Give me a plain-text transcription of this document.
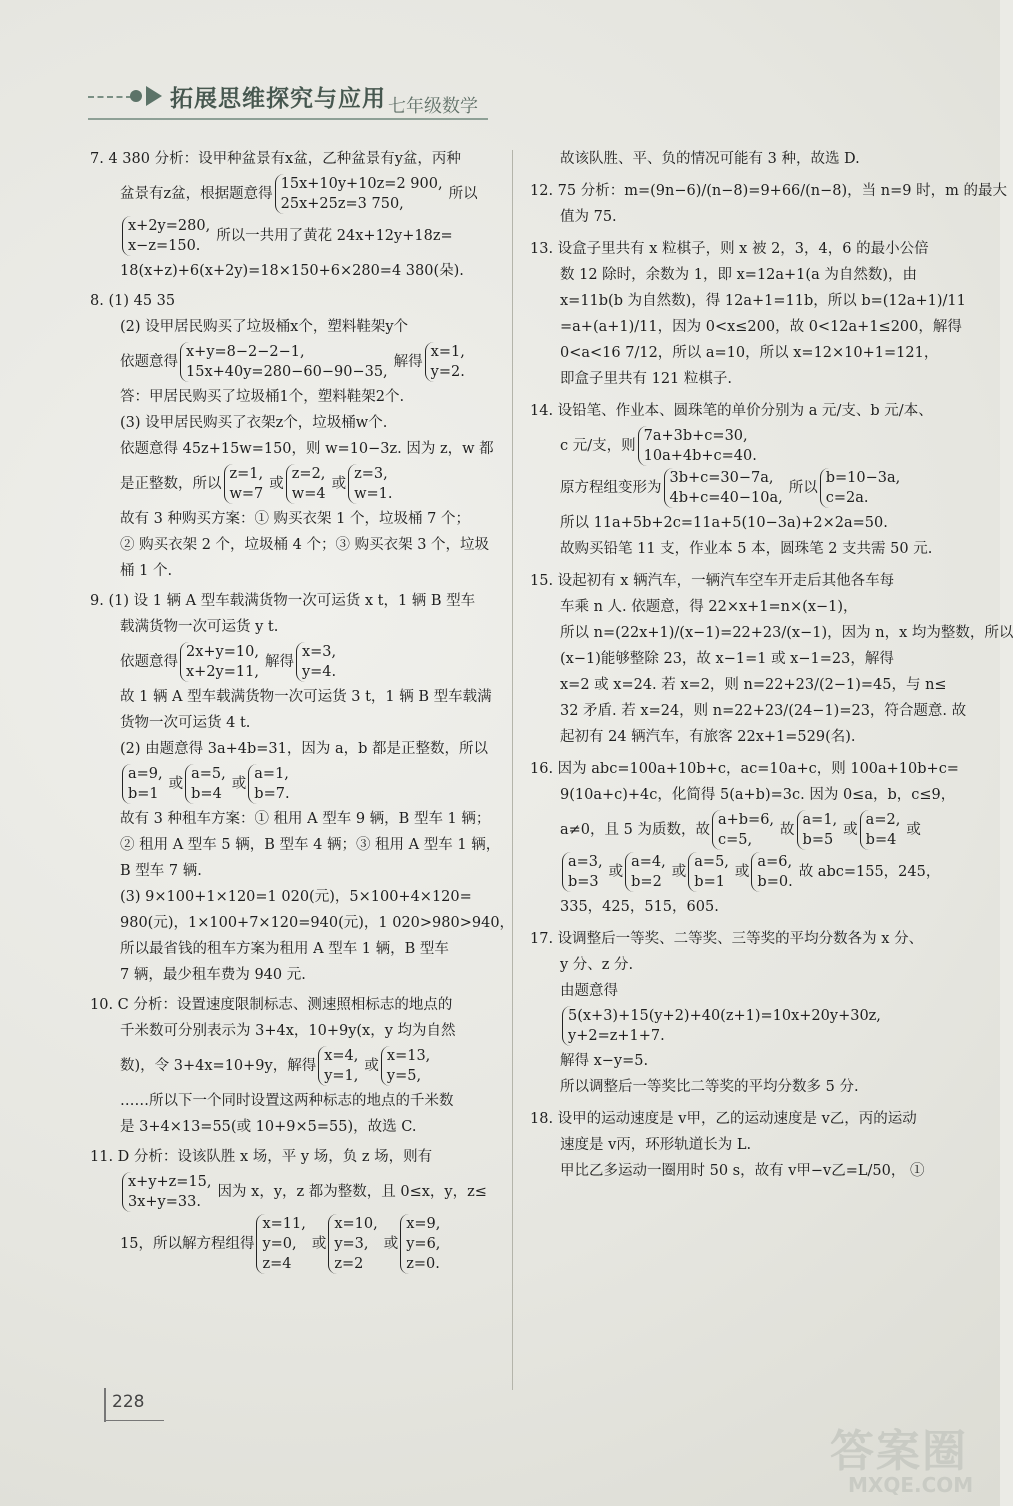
拓展思维探究与应用 七年级数学
7. 4 380 分析：设甲种盆景有x盆，乙种盆景有y盆，丙种
盆景有z盆，根据题意得
15x+10y+10z=2 900,
25x+25z=3 750,
所以
x+2y=280,
x−z=150.
所以一共用了黄花 24x+12y+18z=
18(x+z)+6(x+2y)=18×150+6×280=4 380(朵).
8. (1) 45 35
(2) 设甲居民购买了垃圾桶x个，塑料鞋架y个
依题意得
x+y=8−2−2−1,
15x+40y=280−60−90−35,
解得
x=1,
y=2.
答：甲居民购买了垃圾桶1个，塑料鞋架2个.
(3) 设甲居民购买了衣架z个，垃圾桶w个.
依题意得 45z+15w=150，则 w=10−3z. 因为 z，w 都
是正整数，所以
z=1,
w=7
或
z=2,
w=4
或
z=3,
w=1.
故有 3 种购买方案：① 购买衣架 1 个，垃圾桶 7 个；
② 购买衣架 2 个，垃圾桶 4 个；③ 购买衣架 3 个，垃圾
桶 1 个.
9. (1) 设 1 辆 A 型车载满货物一次可运货 x t，1 辆 B 型车
载满货物一次可运货 y t.
依题意得
2x+y=10,
x+2y=11,
解得
x=3,
y=4.
故 1 辆 A 型车载满货物一次可运货 3 t，1 辆 B 型车载满
货物一次可运货 4 t.
(2) 由题意得 3a+4b=31，因为 a，b 都是正整数，所以
a=9,
b=1
或
a=5,
b=4
或
a=1,
b=7.
故有 3 种租车方案：① 租用 A 型车 9 辆，B 型车 1 辆；
② 租用 A 型车 5 辆，B 型车 4 辆；③ 租用 A 型车 1 辆，
B 型车 7 辆.
(3) 9×100+1×120=1 020(元)，5×100+4×120=
980(元)，1×100+7×120=940(元)，1 020>980>940，
所以最省钱的租车方案为租用 A 型车 1 辆，B 型车
7 辆，最少租车费为 940 元.
10. C 分析：设置速度限制标志、测速照相标志的地点的
千米数可分别表示为 3+4x，10+9y(x，y 均为自然
数)，令 3+4x=10+9y，解得
x=4,
y=1,
或
x=13,
y=5,
……所以下一个同时设置这两种标志的地点的千米数
是 3+4×13=55(或 10+9×5=55)，故选 C.
11. D 分析：设该队胜 x 场，平 y 场，负 z 场，则有
x+y+z=15,
3x+y=33.
因为 x，y，z 都为整数，且 0≤x，y，z≤
15，所以解方程组得
x=11,
y=0,
z=4
或
x=10,
y=3,
z=2
或
x=9,
y=6,
z=0.
故该队胜、平、负的情况可能有 3 种，故选 D.
12. 75 分析：m=(9n−6)/(n−8)=9+66/(n−8)，当 n=9 时，m 的最大
值为 75.
13. 设盒子里共有 x 粒棋子，则 x 被 2，3，4，6 的最小公倍
数 12 除时，余数为 1，即 x=12a+1(a 为自然数)，由
x=11b(b 为自然数)，得 12a+1=11b，所以 b=(12a+1)/11
=a+(a+1)/11，因为 0<x≤200，故 0<12a+1≤200，解得
0<a<16 7/12，所以 a=10，所以 x=12×10+1=121，
即盒子里共有 121 粒棋子.
14. 设铅笔、作业本、圆珠笔的单价分别为 a 元/支、b 元/本、
c 元/支，则
7a+3b+c=30,
10a+4b+c=40.
原方程组变形为
3b+c=30−7a,
4b+c=40−10a,
所以
b=10−3a,
c=2a.
所以 11a+5b+2c=11a+5(10−3a)+2×2a=50.
故购买铅笔 11 支，作业本 5 本，圆珠笔 2 支共需 50 元.
15. 设起初有 x 辆汽车，一辆汽车空车开走后其他各车每
车乘 n 人. 依题意，得 22×x+1=n×(x−1)，
所以 n=(22x+1)/(x−1)=22+23/(x−1)，因为 n，x 均为整数，所以
(x−1)能够整除 23，故 x−1=1 或 x−1=23，解得
x=2 或 x=24. 若 x=2，则 n=22+23/(2−1)=45，与 n≤
32 矛盾. 若 x=24，则 n=22+23/(24−1)=23，符合题意. 故
起初有 24 辆汽车，有旅客 22x+1=529(名).
16. 因为 abc=100a+10b+c，ac=10a+c，则 100a+10b+c=
9(10a+c)+4c，化简得 5(a+b)=3c. 因为 0≤a，b，c≤9，
a≠0，且 5 为质数，故
a+b=6,
c=5,
故
a=1,
b=5
或
a=2,
b=4
或
a=3,
b=3
或
a=4,
b=2
或
a=5,
b=1
或
a=6,
b=0.
故 abc=155，245，
335，425，515，605.
17. 设调整后一等奖、二等奖、三等奖的平均分数各为 x 分、
y 分、z 分.
由题意得
5(x+3)+15(y+2)+40(z+1)=10x+20y+30z,
y+2=z+1+7.
解得 x−y=5.
所以调整后一等奖比二等奖的平均分数多 5 分.
18. 设甲的运动速度是 v甲，乙的运动速度是 v乙，丙的运动
速度是 v丙，环形轨道长为 L.
甲比乙多运动一圈用时 50 s，故有 v甲−v乙=L/50， ①
228
答案圈
MXQE.COM
